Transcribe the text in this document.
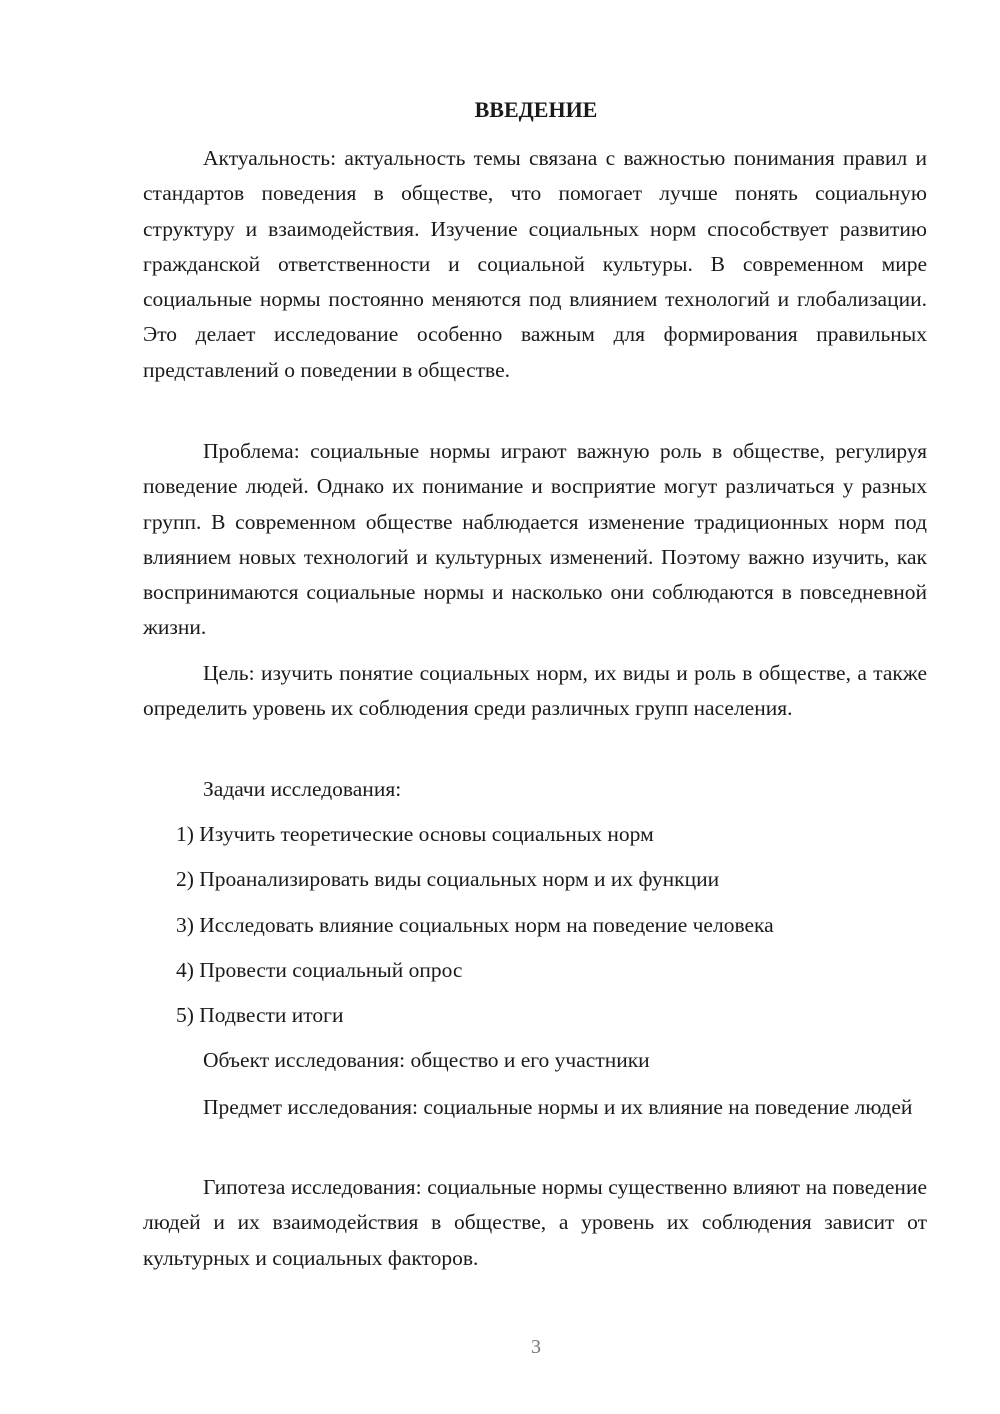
ВВЕДЕНИЕ

Актуальность: актуальность темы связана с важностью понимания правил и стандартов поведения в обществе, что помогает лучше понять социальную структуру и взаимодействия. Изучение социальных норм способствует развитию гражданской ответственности и социальной культуры. В современном мире социальные нормы постоянно меняются под влиянием технологий и глобализации. Это делает исследование особенно важным для формирования правильных представлений о поведении в обществе.

Проблема: социальные нормы играют важную роль в обществе, регулируя поведение людей. Однако их понимание и восприятие могут различаться у разных групп. В современном обществе наблюдается изменение традиционных норм под влиянием новых технологий и культурных изменений. Поэтому важно изучить, как воспринимаются социальные нормы и насколько они соблюдаются в повседневной жизни.

Цель: изучить понятие социальных норм, их виды и роль в обществе, а также определить уровень их соблюдения среди различных групп населения.

Задачи исследования:

1) Изучить теоретические основы социальных норм

2) Проанализировать виды социальных норм и их функции

3) Исследовать влияние социальных норм на поведение человека

4) Провести социальный опрос

5) Подвести итоги

Объект исследования: общество и его участники

Предмет исследования: социальные нормы и их влияние на поведение людей

Гипотеза исследования: социальные нормы существенно влияют на поведение людей и их взаимодействия в обществе, а уровень их соблюдения зависит от культурных и социальных факторов.

3
